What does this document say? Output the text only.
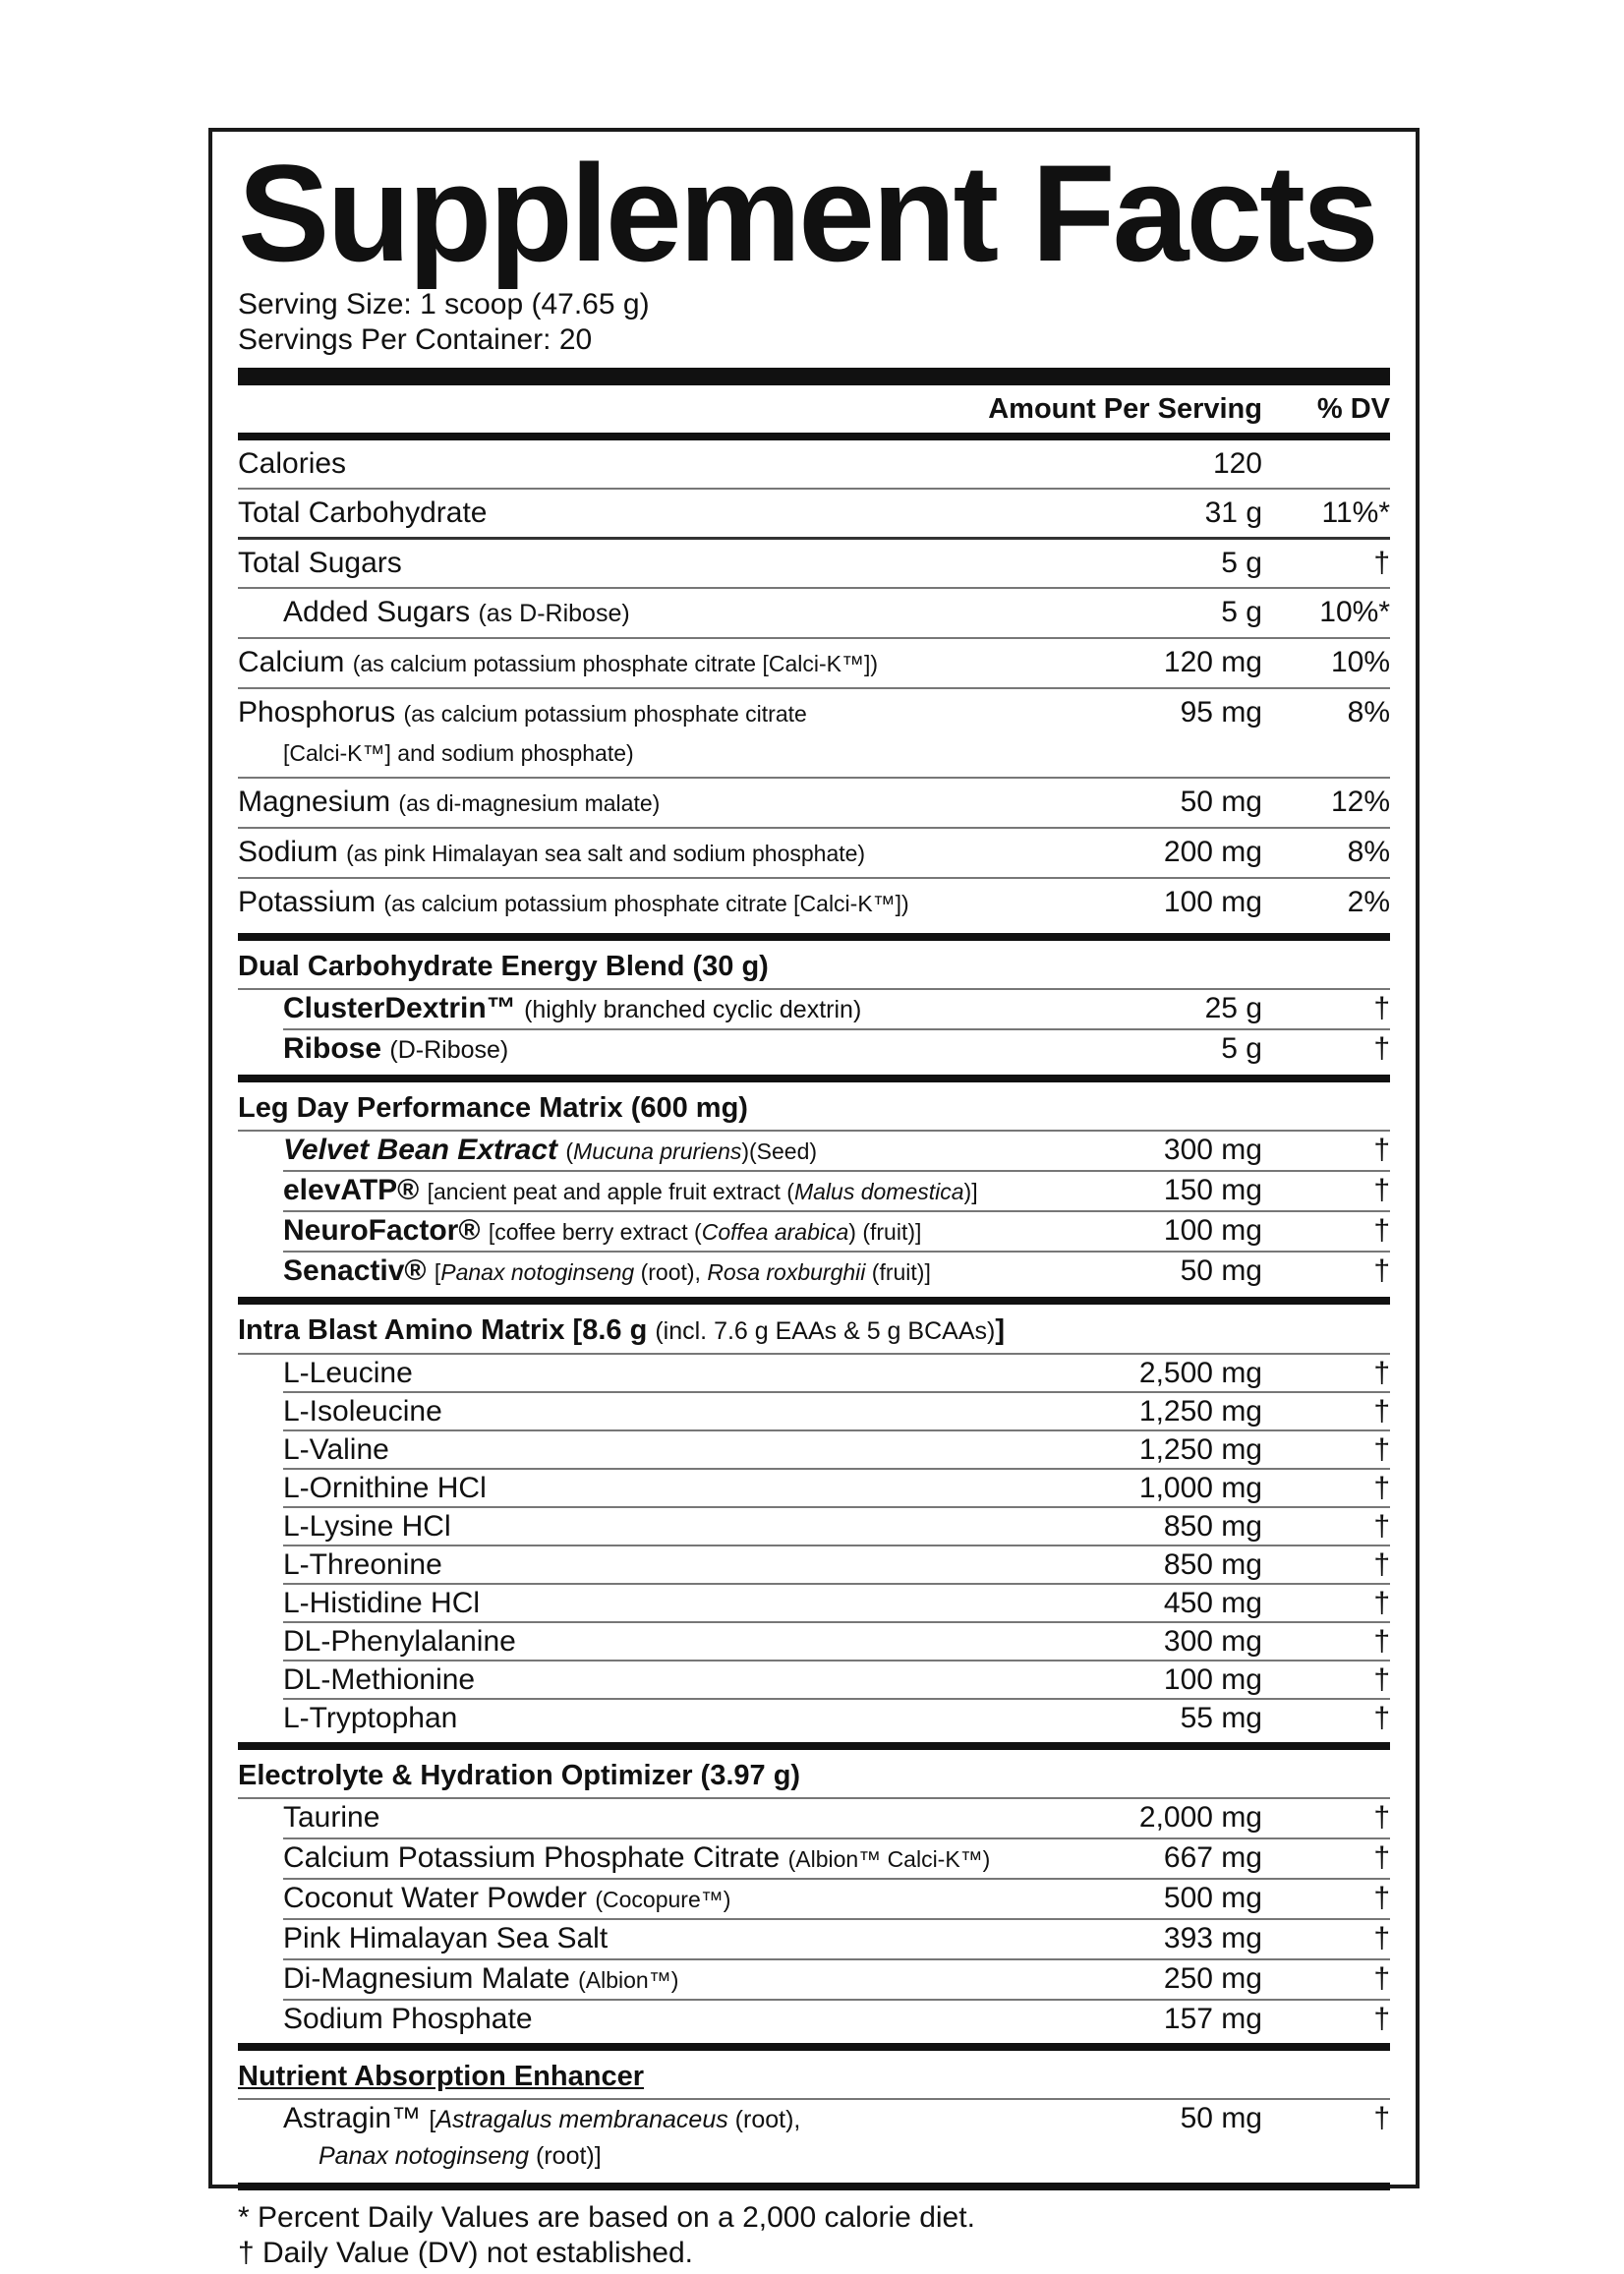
Supplement Facts
Serving Size: 1 scoop (47.65 g)
Servings Per Container: 20
Amount Per Serving	% DV
Calories	120
Total Carbohydrate	31 g	11%*
Total Sugars	5 g	†
Added Sugars (as D-Ribose)	5 g	10%*
Calcium (as calcium potassium phosphate citrate [Calci-K™])	120 mg	10%
Phosphorus (as calcium potassium phosphate citrate
[Calci-K™] and sodium phosphate)
95 mg	8%
Magnesium (as di-magnesium malate)	50 mg	12%
Sodium (as pink Himalayan sea salt and sodium phosphate)	200 mg	8%
Potassium (as calcium potassium phosphate citrate [Calci-K™])	100 mg	2%
Dual Carbohydrate Energy Blend (30 g)
ClusterDextrin™ (highly branched cyclic dextrin)	25 g	†
Ribose (D-Ribose)	5 g	†
Leg Day Performance Matrix (600 mg)
Velvet Bean Extract (Mucuna pruriens)(Seed)	300 mg	†
elevATP® [ancient peat and apple fruit extract (Malus domestica)]	150 mg	†
NeuroFactor® [coffee berry extract (Coffea arabica) (fruit)]	100 mg	†
Senactiv® [Panax notoginseng (root), Rosa roxburghii (fruit)]	50 mg	†
Intra Blast Amino Matrix [8.6 g (incl. 7.6 g EAAs & 5 g BCAAs)]
L-Leucine	2,500 mg	†
L-Isoleucine	1,250 mg	†
L-Valine	1,250 mg	†
L-Ornithine HCl	1,000 mg	†
L-Lysine HCl	850 mg	†
L-Threonine	850 mg	†
L-Histidine HCl	450 mg	†
DL-Phenylalanine	300 mg	†
DL-Methionine	100 mg	†
L-Tryptophan	55 mg	†
Electrolyte & Hydration Optimizer (3.97 g)
Taurine	2,000 mg	†
Calcium Potassium Phosphate Citrate (Albion™ Calci-K™)	667 mg	†
Coconut Water Powder (Cocopure™)	500 mg	†
Pink Himalayan Sea Salt	393 mg	†
Di-Magnesium Malate (Albion™)	250 mg	†
Sodium Phosphate	157 mg	†
Nutrient Absorption Enhancer
Astragin™ [Astragalus membranaceus (root),
Panax notoginseng (root)]
50 mg	†
* Percent Daily Values are based on a 2,000 calorie diet.
† Daily Value (DV) not established.
